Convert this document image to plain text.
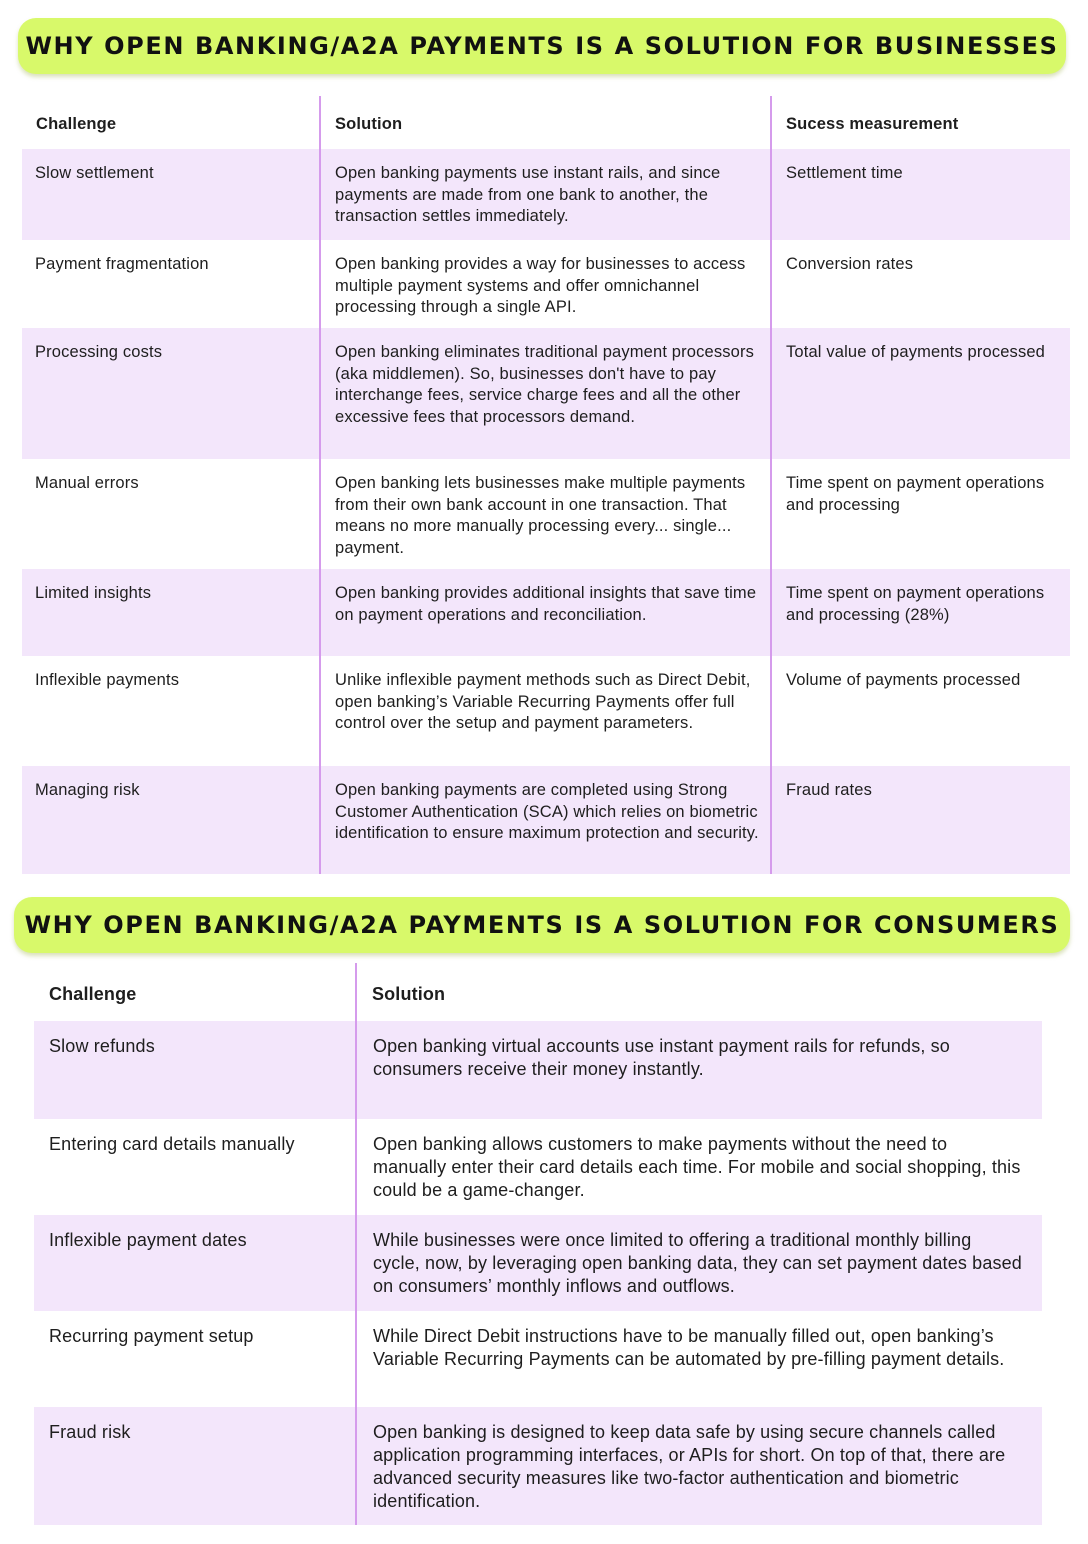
WHY OPEN BANKING/A2A PAYMENTS IS A SOLUTION FOR BUSINESSES
Challenge	Solution	Sucess measurement
Slow settlement	Open banking payments use instant rails, and since payments are made from one bank to another, the transaction settles immediately.	Settlement time
Payment fragmentation	Open banking provides a way for businesses to access multiple payment systems and offer omnichannel processing through a single API.	Conversion rates
Processing costs	Open banking eliminates traditional payment processors (aka middlemen). So, businesses don't have to pay interchange fees, service charge fees and all the other excessive fees that processors demand.	Total value of payments processed
Manual errors	Open banking lets businesses make multiple payments from their own bank account in one transaction. That means no more manually processing every... single... payment.	Time spent on payment operations and processing
Limited insights	Open banking provides additional insights that save time on payment operations and reconciliation.	Time spent on payment operations and processing (28%)
Inflexible payments	Unlike inflexible payment methods such as Direct Debit, open banking’s Variable Recurring Payments offer full control over the setup and payment parameters.	Volume of payments processed
Managing risk	Open banking payments are completed using Strong Customer Authentication (SCA) which relies on biometric identification to ensure maximum protection and security.	Fraud rates
WHY OPEN BANKING/A2A PAYMENTS IS A SOLUTION FOR CONSUMERS
Challenge	Solution
Slow refunds	Open banking virtual accounts use instant payment rails for refunds, so consumers receive their money instantly.
Entering card details manually	Open banking allows customers to make payments without the need to manually enter their card details each time. For mobile and social shopping, this could be a game-changer.
Inflexible payment dates	While businesses were once limited to offering a traditional monthly billing cycle, now, by leveraging open banking data, they can set payment dates based on consumers’ monthly inflows and outflows.
Recurring payment setup	While Direct Debit instructions have to be manually filled out, open banking’s Variable Recurring Payments can be automated by pre-filling payment details.
Fraud risk	Open banking is designed to keep data safe by using secure channels called application programming interfaces, or APIs for short. On top of that, there are advanced security measures like two-factor authentication and biometric identification.
